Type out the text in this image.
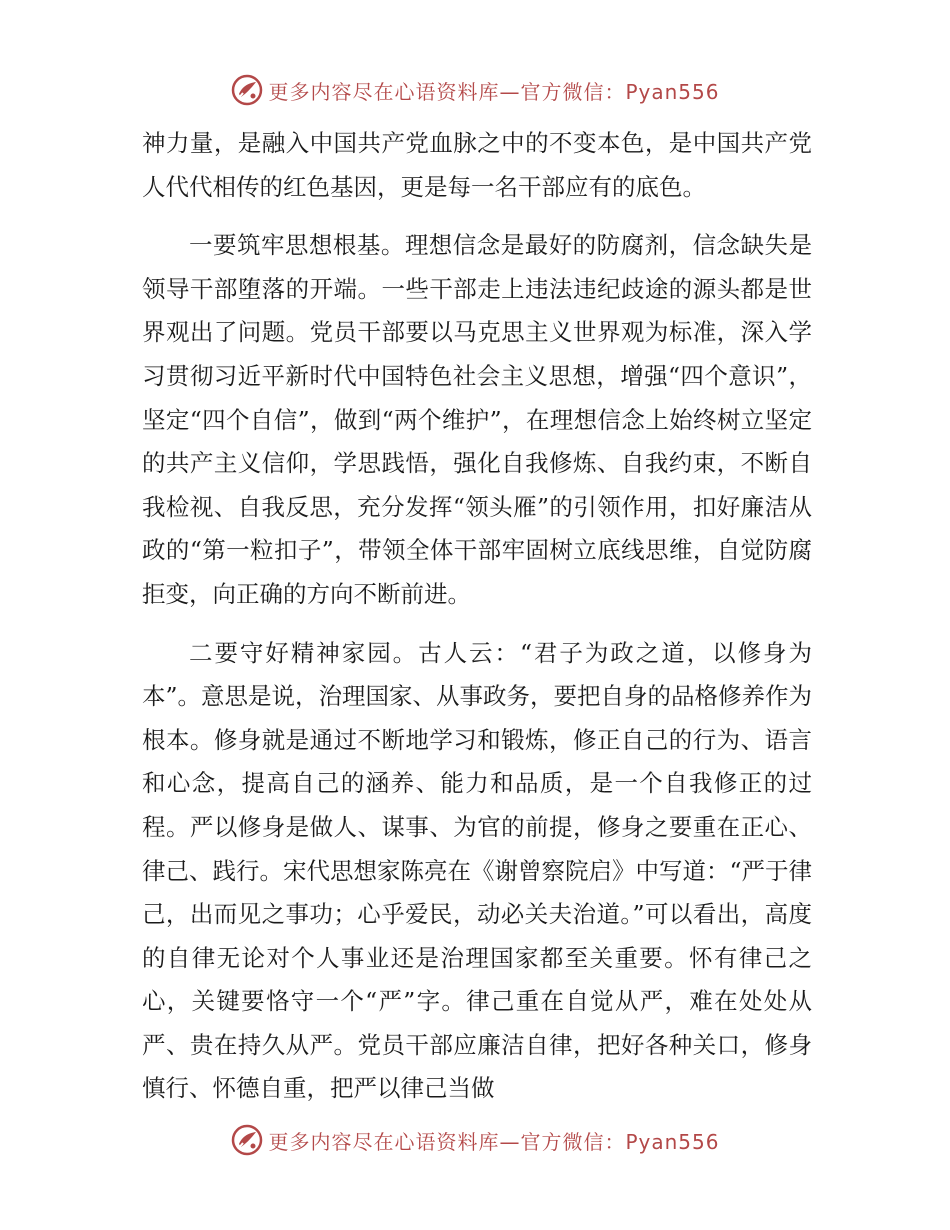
更多内容尽在心语资料库—官方微信：Pyan556

神力量，是融入中国共产党血脉之中的不变本色，是中国共产党人代代相传的红色基因，更是每一名干部应有的底色。

一要筑牢思想根基。理想信念是最好的防腐剂，信念缺失是领导干部堕落的开端。一些干部走上违法违纪歧途的源头都是世界观出了问题。党员干部要以马克思主义世界观为标准，深入学习贯彻习近平新时代中国特色社会主义思想，增强“四个意识”，坚定“四个自信”，做到“两个维护”，在理想信念上始终树立坚定的共产主义信仰，学思践悟，强化自我修炼、自我约束，不断自我检视、自我反思，充分发挥“领头雁”的引领作用，扣好廉洁从政的“第一粒扣子”，带领全体干部牢固树立底线思维，自觉防腐拒变，向正确的方向不断前进。

二要守好精神家园。古人云：“君子为政之道，以修身为本”。意思是说，治理国家、从事政务，要把自身的品格修养作为根本。修身就是通过不断地学习和锻炼，修正自己的行为、语言和心念，提高自己的涵养、能力和品质，是一个自我修正的过程。严以修身是做人、谋事、为官的前提，修身之要重在正心、律己、践行。宋代思想家陈亮在《谢曾察院启》中写道：“严于律己，出而见之事功；心乎爱民，动必关夫治道。”可以看出，高度的自律无论对个人事业还是治理国家都至关重要。怀有律己之心，关键要恪守一个“严”字。律己重在自觉从严，难在处处从严、贵在持久从严。党员干部应廉洁自律，把好各种关口，修身慎行、怀德自重，把严以律己当做

更多内容尽在心语资料库—官方微信：Pyan556
